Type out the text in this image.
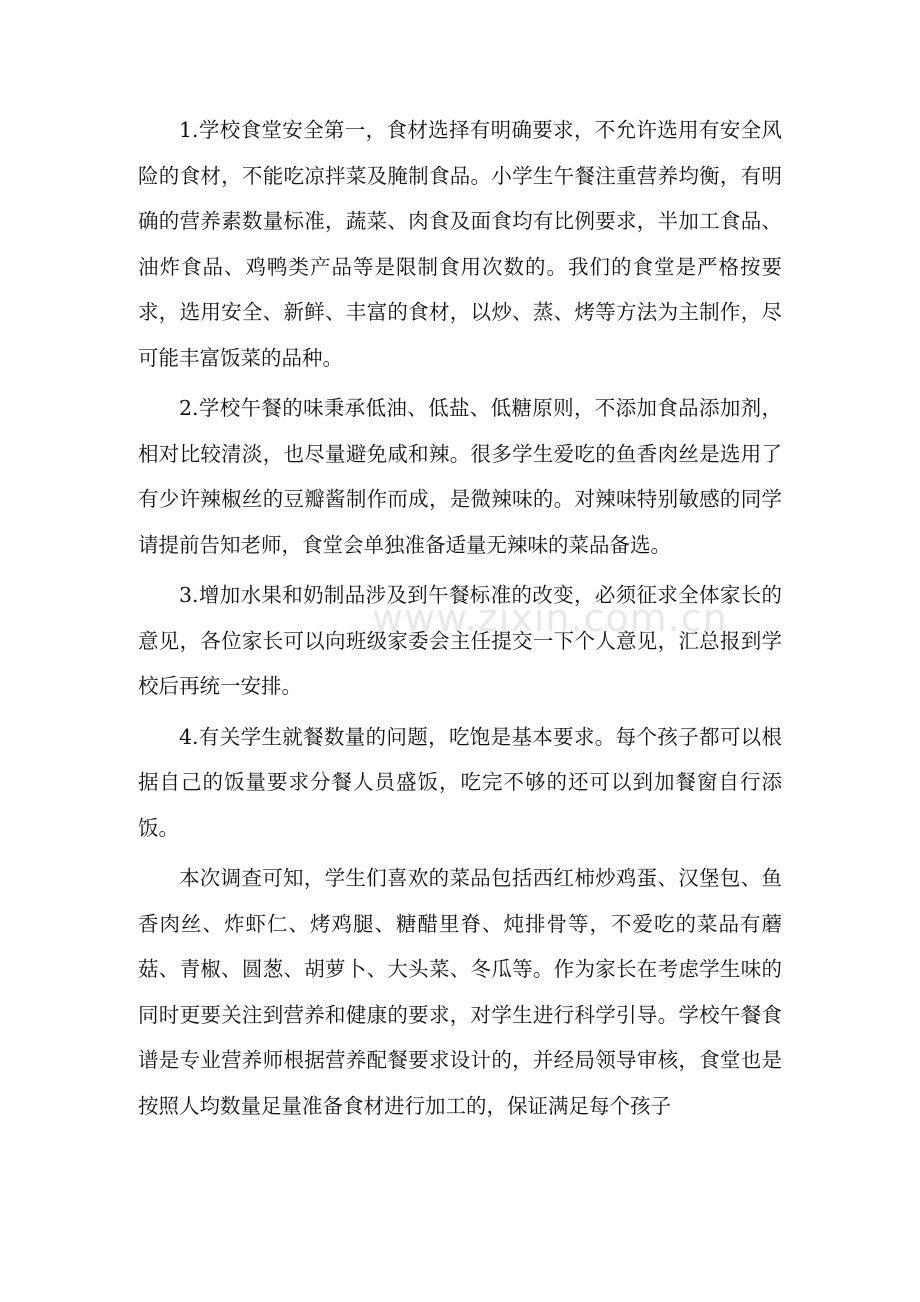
1.学校食堂安全第一，食材选择有明确要求，不允许选用有安全风险的食材，不能吃凉拌菜及腌制食品。小学生午餐注重营养均衡，有明确的营养素数量标准，蔬菜、肉食及面食均有比例要求，半加工食品、油炸食品、鸡鸭类产品等是限制食用次数的。我们的食堂是严格按要求，选用安全、新鲜、丰富的食材，以炒、蒸、烤等方法为主制作，尽可能丰富饭菜的品种。

2.学校午餐的味秉承低油、低盐、低糖原则，不添加食品添加剂，相对比较清淡，也尽量避免咸和辣。很多学生爱吃的鱼香肉丝是选用了有少许辣椒丝的豆瓣酱制作而成，是微辣味的。对辣味特别敏感的同学请提前告知老师，食堂会单独准备适量无辣味的菜品备选。

3.增加水果和奶制品涉及到午餐标准的改变，必须征求全体家长的意见，各位家长可以向班级家委会主任提交一下个人意见，汇总报到学校后再统一安排。

4.有关学生就餐数量的问题，吃饱是基本要求。每个孩子都可以根据自己的饭量要求分餐人员盛饭，吃完不够的还可以到加餐窗自行添饭。

本次调查可知，学生们喜欢的菜品包括西红柿炒鸡蛋、汉堡包、鱼香肉丝、炸虾仁、烤鸡腿、糖醋里脊、炖排骨等，不爱吃的菜品有蘑菇、青椒、圆葱、胡萝卜、大头菜、冬瓜等。作为家长在考虑学生味的同时更要关注到营养和健康的要求，对学生进行科学引导。学校午餐食谱是专业营养师根据营养配餐要求设计的，并经局领导审核，食堂也是按照人均数量足量准备食材进行加工的，保证满足每个孩子

www.zixin.com.cn
